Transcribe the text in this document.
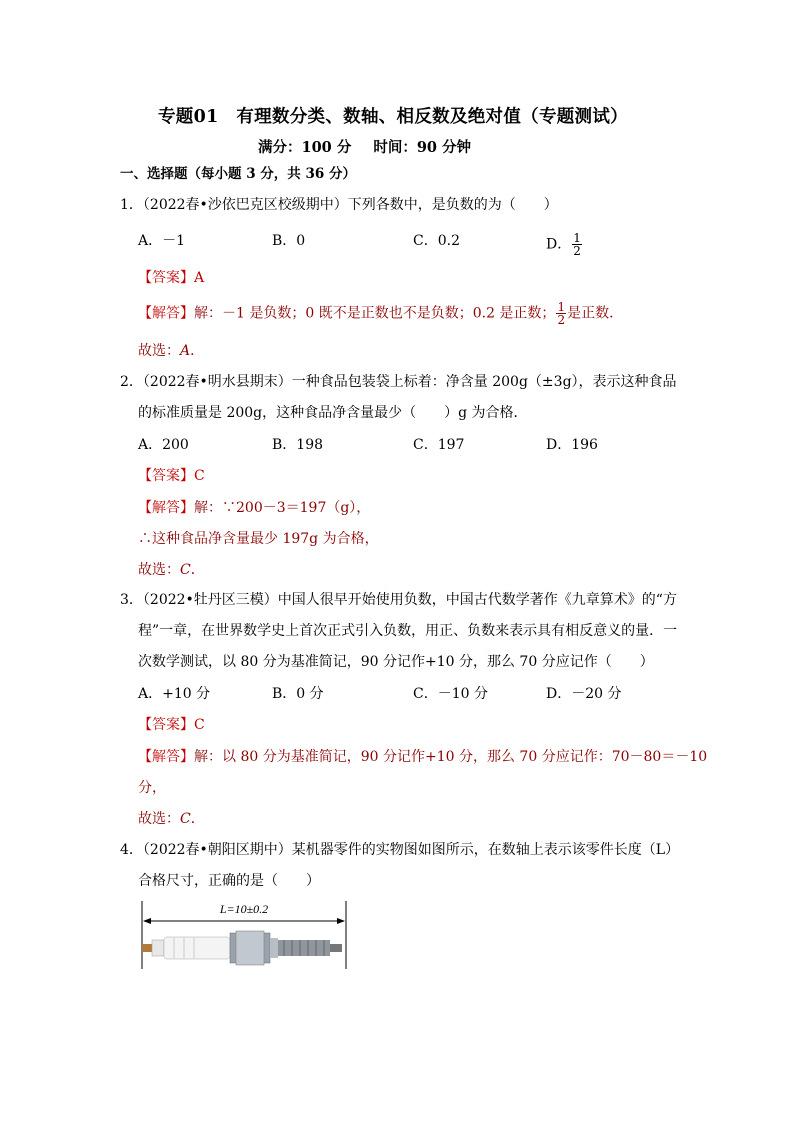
专题01　有理数分类、数轴、相反数及绝对值（专题测试）
满分：100 分 时间：90 分钟
一、选择题（每小题 3 分，共 36 分）
1．（2022春•沙依巴克区校级期中）下列各数中，是负数的为（　　）
A．－1	B．0	C．0.2	D． $\frac{1}{2}$
【答案】A
【解答】解：－1 是负数；0 既不是正数也不是负数；0.2 是正数； $\frac{1}{2}$ 是正数．
故选：A．
2．（2022春•明水县期末）一种食品包装袋上标着：净含量 200g（±3g），表示这种食品
的标准质量是 200g，这种食品净含量最少（　　）g 为合格．
A．200	B．198	C．197	D．196
【答案】C
【解答】解：∵200－3＝197（g），
∴这种食品净含量最少 197g 为合格，
故选：C．
3．（2022•牡丹区三模）中国人很早开始使用负数，中国古代数学著作《九章算术》的“方
程”一章，在世界数学史上首次正式引入负数，用正、负数来表示具有相反意义的量．一
次数学测试，以 80 分为基准简记，90 分记作+10 分，那么 70 分应记作（　　）
A．+10 分	B．0 分	C．－10 分	D．－20 分
【答案】C
【解答】解：以 80 分为基准简记，90 分记作+10 分，那么 70 分应记作：70－80＝－10
分，
故选：C．
4．（2022春•朝阳区期中）某机器零件的实物图如图所示，在数轴上表示该零件长度（L）
合格尺寸，正确的是（　　）
L=10±0.2
